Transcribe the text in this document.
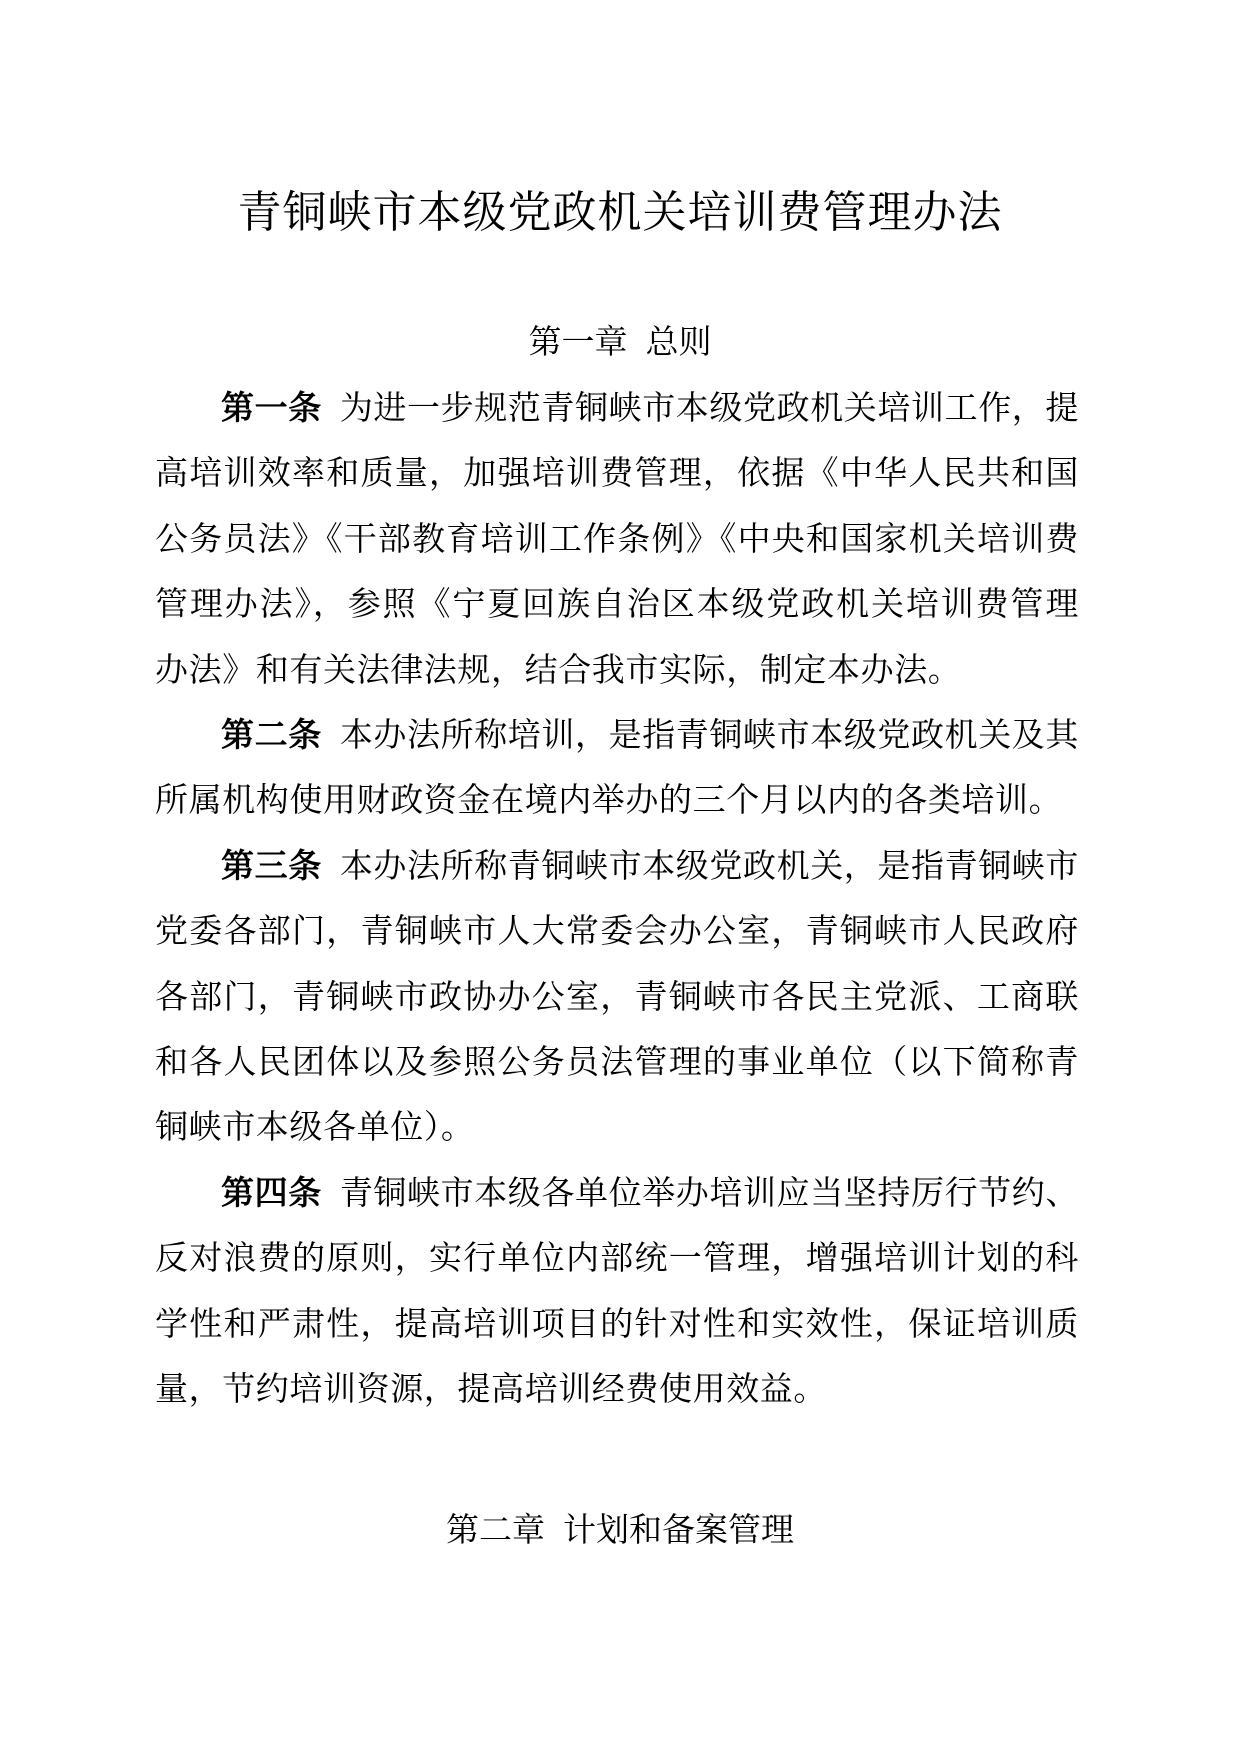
青铜峡市本级党政机关培训费管理办法
第一章 总则

第一条 为进一步规范青铜峡市本级党政机关培训工作，提高培训效率和质量，加强培训费管理，依据《中华人民共和国公务员法》《干部教育培训工作条例》《中央和国家机关培训费管理办法》，参照《宁夏回族自治区本级党政机关培训费管理办法》和有关法律法规，结合我市实际，制定本办法。

第二条 本办法所称培训，是指青铜峡市本级党政机关及其所属机构使用财政资金在境内举办的三个月以内的各类培训。

第三条 本办法所称青铜峡市本级党政机关，是指青铜峡市党委各部门，青铜峡市人大常委会办公室，青铜峡市人民政府各部门，青铜峡市政协办公室，青铜峡市各民主党派、工商联和各人民团体以及参照公务员法管理的事业单位（以下简称青铜峡市本级各单位）。

第四条 青铜峡市本级各单位举办培训应当坚持厉行节约、反对浪费的原则，实行单位内部统一管理，增强培训计划的科学性和严肃性，提高培训项目的针对性和实效性，保证培训质量，节约培训资源，提高培训经费使用效益。

第二章 计划和备案管理
